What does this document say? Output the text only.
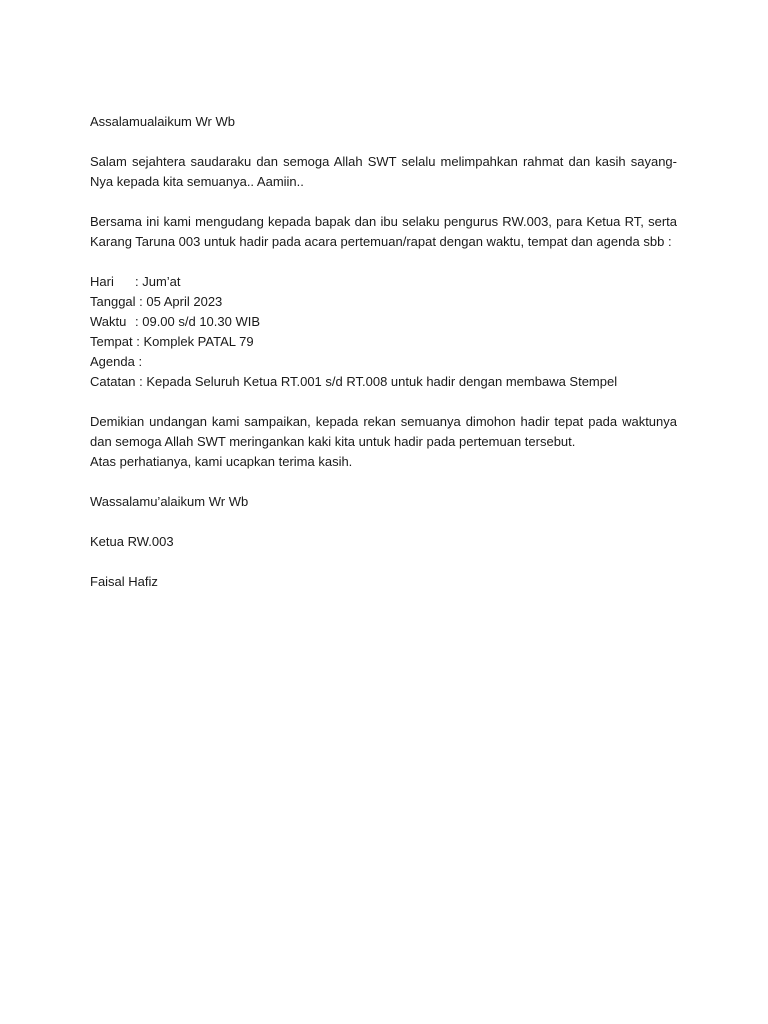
Assalamualaikum Wr Wb

Salam sejahtera saudaraku dan semoga Allah SWT selalu melimpahkan rahmat dan kasih sayang-Nya kepada kita semuanya.. Aamiin..

Bersama ini kami mengudang kepada bapak dan ibu selaku pengurus RW.003, para Ketua RT, serta Karang Taruna 003 untuk hadir pada acara pertemuan/rapat dengan waktu, tempat dan agenda sbb :

Hari	: Jum’at
Tanggal : 05 April 2023
Waktu : 09.00 s/d 10.30 WIB
Tempat : Komplek PATAL 79
Agenda :
Catatan : Kepada Seluruh Ketua RT.001 s/d RT.008 untuk hadir dengan membawa Stempel
Demikian undangan kami sampaikan, kepada rekan semuanya dimohon hadir tepat pada waktunya dan semoga Allah SWT meringankan kaki kita untuk hadir pada pertemuan tersebut.
Atas perhatianya, kami ucapkan terima kasih.

Wassalamu’alaikum Wr Wb

Ketua RW.003

Faisal Hafiz
